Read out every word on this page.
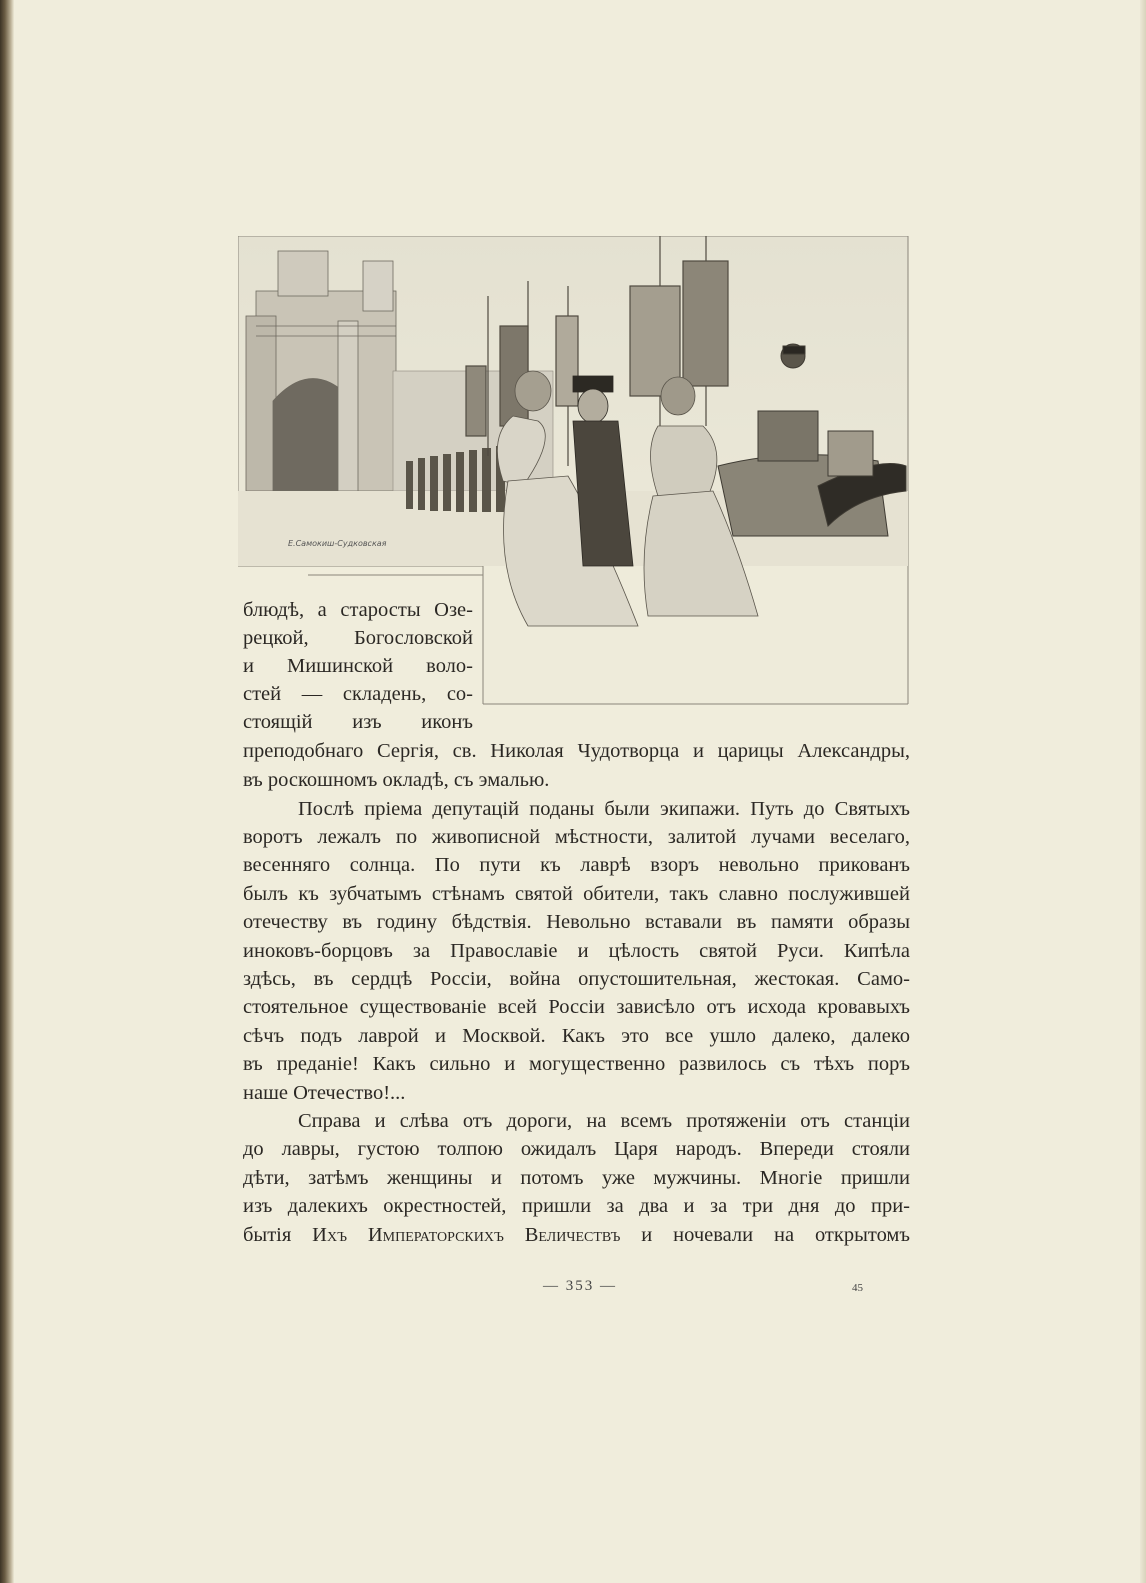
Е.Самокиш-Судковская
блюдѣ, а старосты Озе-
рецкой, Богословской
и Мишинской воло-
стей — складень, со-
стоящій изъ иконъ
преподобнаго Сергія, св. Николая Чудотворца и царицы Александры,
въ роскошномъ окладѣ, съ эмалью.
Послѣ пріема депутацій поданы были экипажи. Путь до Святыхъ
воротъ лежалъ по живописной мѣстности, залитой лучами веселаго,
весенняго солнца. По пути къ лаврѣ взоръ невольно прикованъ
былъ къ зубчатымъ стѣнамъ святой обители, такъ славно послужившей
отечеству въ годину бѣдствія. Невольно вставали въ памяти образы
иноковъ-борцовъ за Православіе и цѣлость святой Руси. Кипѣла
здѣсь, въ сердцѣ Россіи, война опустошительная, жестокая. Само-
стоятельное существованіе всей Россіи зависѣло отъ исхода кровавыхъ
сѣчъ подъ лаврой и Москвой. Какъ это все ушло далеко, далеко
въ преданіе! Какъ сильно и могущественно развилось съ тѣхъ поръ
наше Отечество!...
Справа и слѣва отъ дороги, на всемъ протяженіи отъ станціи
до лавры, густою толпою ожидалъ Царя народъ. Впереди стояли
дѣти, затѣмъ женщины и потомъ уже мужчины. Многіе пришли
изъ далекихъ окрестностей, пришли за два и за три дня до при-
бытія Ихъ Императорскихъ Величествъ и ночевали на открытомъ
— 353 —	45
